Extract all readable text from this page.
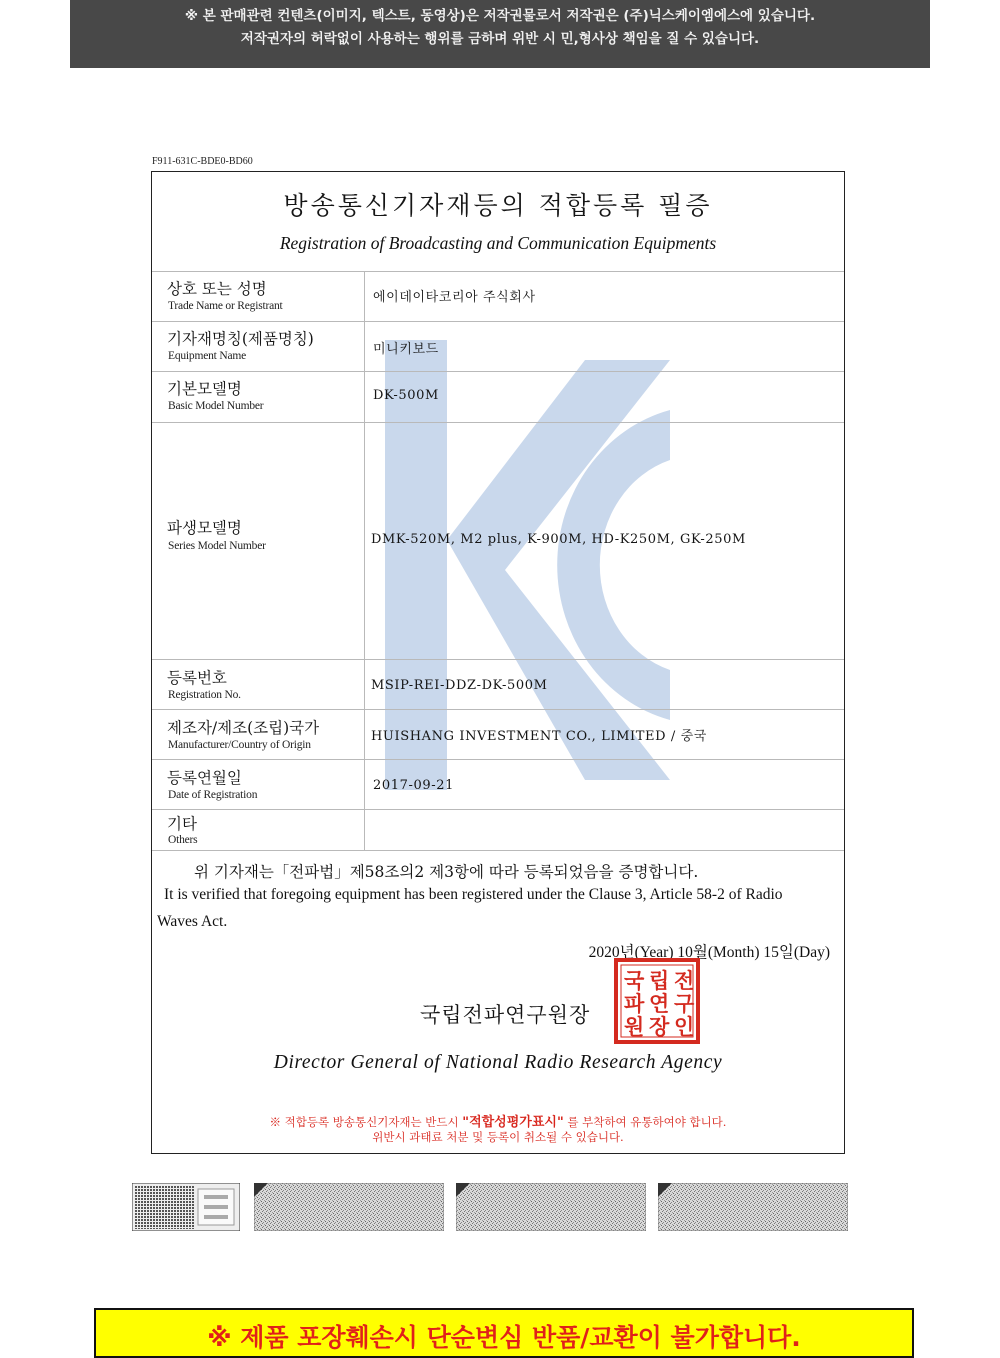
※ 본 판매관련 컨텐츠(이미지, 텍스트, 동영상)은 저작권물로서 저작권은 (주)닉스케이엠에스에 있습니다.
저작권자의 허락없이 사용하는 행위를 금하며 위반 시 민,형사상 책임을 질 수 있습니다.
F911-631C-BDE0-BD60
방송통신기자재등의 적합등록 필증
Registration of Broadcasting and Communication Equipments
상호 또는 성명
Trade Name or Registrant
에이데이타코리아 주식회사
기자재명칭(제품명칭)
Equipment Name	미니키보드
기본모델명
Basic Model Number
DK-500M
파생모델명
Series Model Number	DMK-520M, M2 plus, K-900M, HD-K250M, GK-250M
등록번호
Registration No.
MSIP-REI-DDZ-DK-500M
제조자/제조(조립)국가
Manufacturer/Country of Origin
HUISHANG INVESTMENT CO., LIMITED / 중국
등록연월일
Date of Registration
2017-09-21
기타
Others
위 기자재는「전파법」제58조의2 제3항에 따라 등록되었음을 증명합니다.
It is verified that foregoing equipment has been registered under the Clause 3, Article 58-2 of Radio
Waves Act.
2020년(Year) 10월(Month) 15일(Day)
국립전파연구원장
전
구
인
립
연
장
국
파
원
Director General of National Radio Research Agency
※ 적합등록 방송통신기자재는 반드시 "적합성평가표시" 를 부착하여 유통하여야 합니다.
위반시 과태료 처분 및 등록이 취소될 수 있습니다.
※ 제품 포장훼손시 단순변심 반품/교환이 불가합니다.
